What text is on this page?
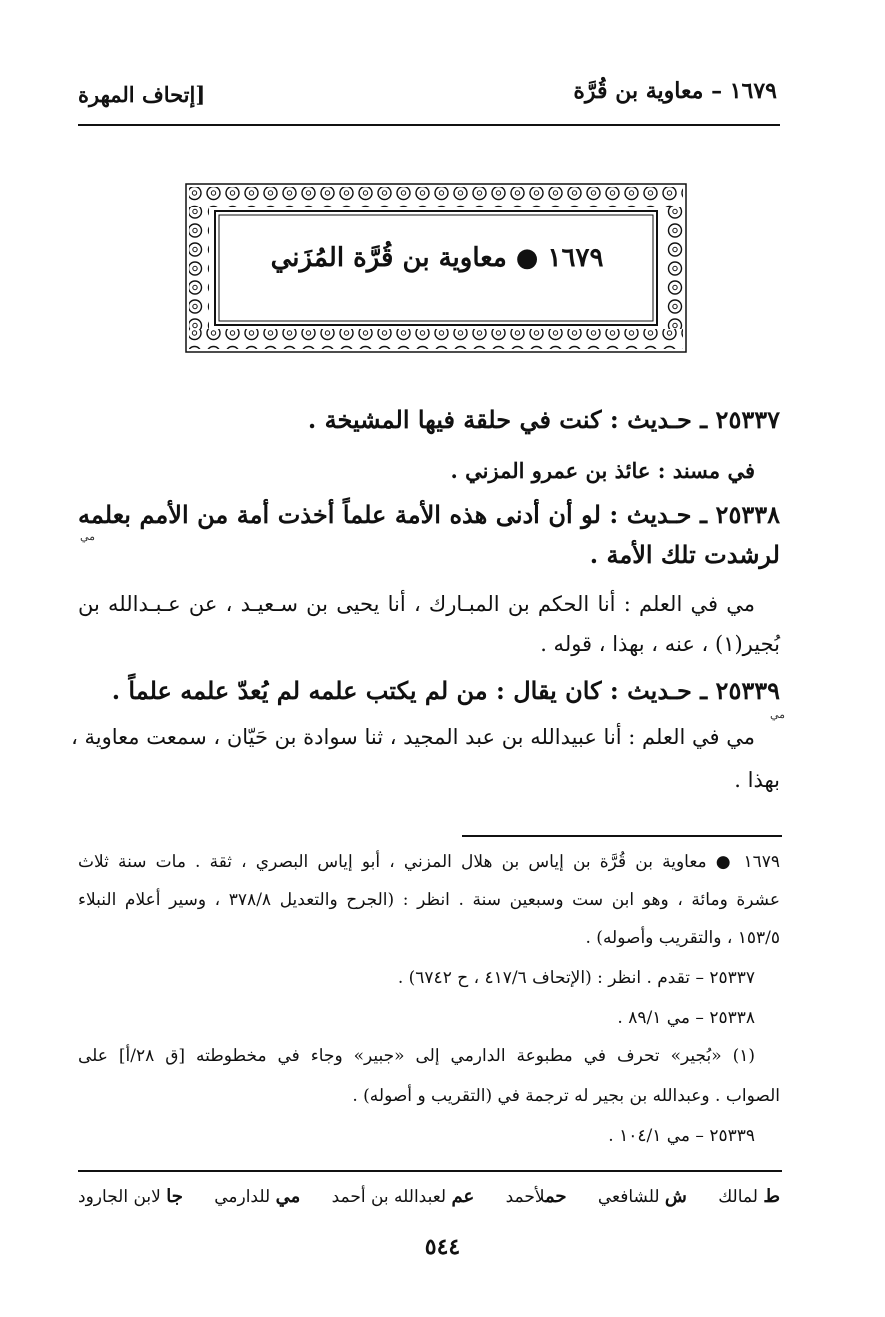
١٦٧٩ – معاوية بن قُرَّة
[إتحاف المهرة
١٦٧٩ ● معاوية بن قُرَّة المُزَني
٢٥٣٣٧ ـ حـديث : كنت في حلقة فيها المشيخة .
في مسند : عائذ بن عمرو المزني .
٢٥٣٣٨ ـ حـديث : لو أن أدنى هذه الأمة علماً أخذت أمة من الأمم بعلمه
مي
لرشدت تلك الأمة .
مي في العلم : أنا الحكم بن المبـارك ، أنا يحيى بن سـعيـد ، عن عـبـدالله بن
بُجير(١) ، عنه ، بهذا ، قوله .
٢٥٣٣٩ ـ حـديث : كان يقال : من لم يكتب علمه لم يُعدّ علمه علماً .
مي
مي في العلم : أنا عبيدالله بن عبد المجيد ، ثنا سوادة بن حَيّان ، سمعت معاوية ،
بهذا .
١٦٧٩ ● معاوية بن قُرَّة بن إياس بن هلال المزني ، أبو إياس البصري ، ثقة . مات سنة ثلاث
عشرة ومائة ، وهو ابن ست وسبعين سنة . انظر : (الجرح والتعديل ٣٧٨/٨ ، وسير أعلام النبلاء
١٥٣/٥ ، والتقريب وأصوله) .
٢٥٣٣٧ – تقدم . انظر : (الإتحاف ٤١٧/٦ ، ح ٦٧٤٢) .
٢٥٣٣٨ – مي ٨٩/١ .
(١) «بُجير» تحرف في مطبوعة الدارمي إلى «جبير» وجاء في مخطوطته [ق ٢٨/أ] على
الصواب . وعبدالله بن بجير له ترجمة في (التقريب و أصوله) .
٢٥٣٣٩ – مي ١٠٤/١ .
ط لمالك
ش للشافعي
حملأحمد
عم لعبدالله بن أحمد
مي للدارمي
جا لابن الجارود
٥٤٤
